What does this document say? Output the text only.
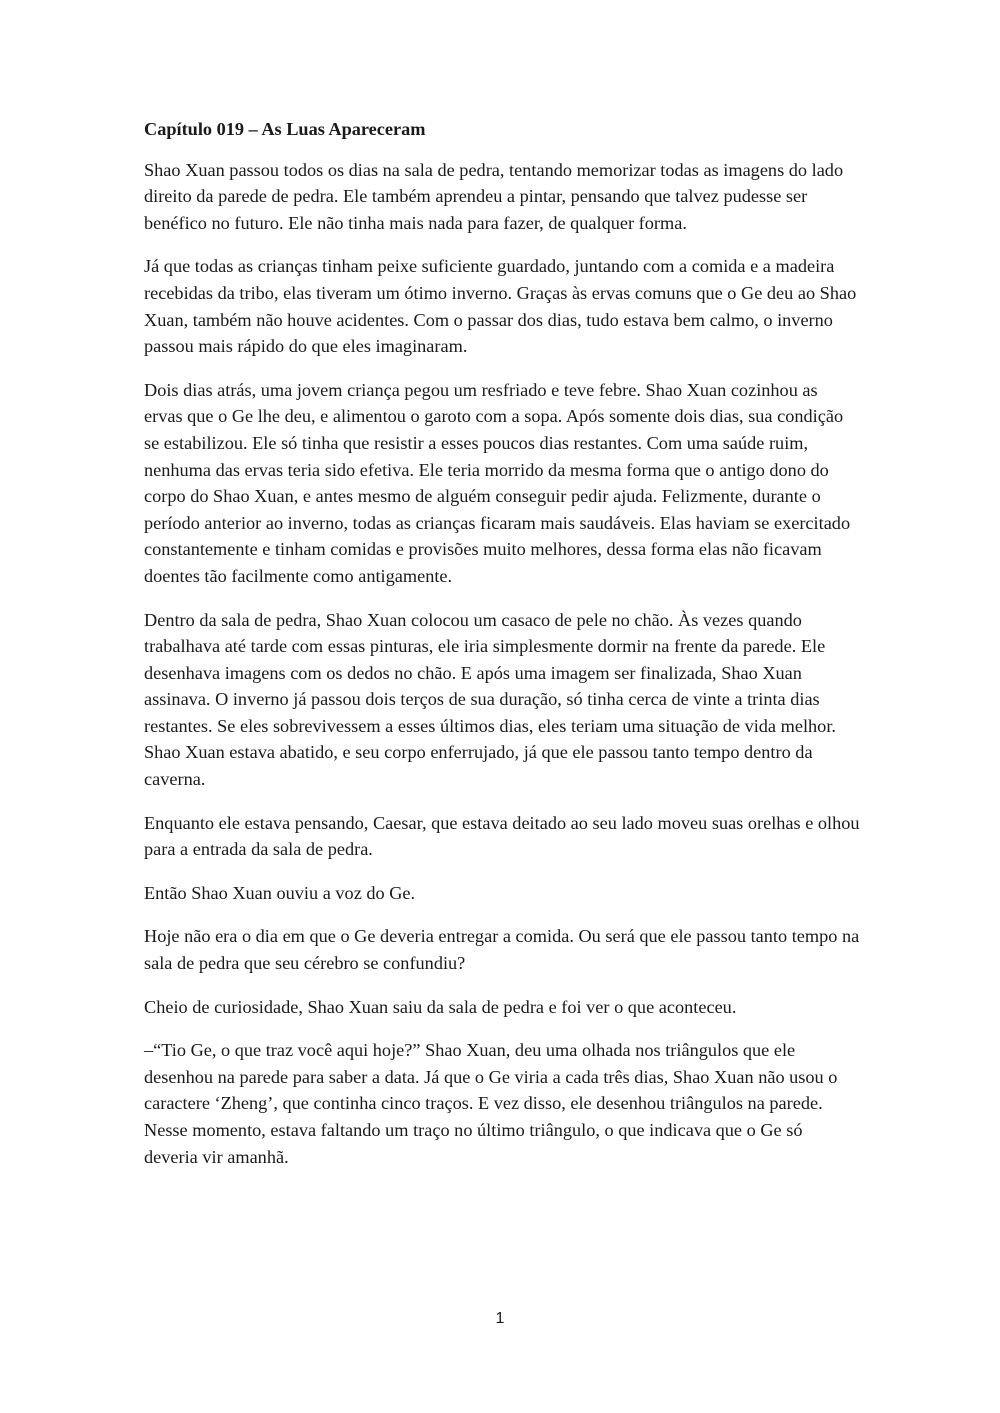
Capítulo 019 – As Luas Apareceram

Shao Xuan passou todos os dias na sala de pedra, tentando memorizar todas as imagens do lado direito da parede de pedra. Ele também aprendeu a pintar, pensando que talvez pudesse ser benéfico no futuro. Ele não tinha mais nada para fazer, de qualquer forma.

Já que todas as crianças tinham peixe suficiente guardado, juntando com a comida e a madeira recebidas da tribo, elas tiveram um ótimo inverno. Graças às ervas comuns que o Ge deu ao Shao Xuan, também não houve acidentes. Com o passar dos dias, tudo estava bem calmo, o inverno passou mais rápido do que eles imaginaram.

Dois dias atrás, uma jovem criança pegou um resfriado e teve febre. Shao Xuan cozinhou as ervas que o Ge lhe deu, e alimentou o garoto com a sopa. Após somente dois dias, sua condição se estabilizou. Ele só tinha que resistir a esses poucos dias restantes. Com uma saúde ruim, nenhuma das ervas teria sido efetiva. Ele teria morrido da mesma forma que o antigo dono do corpo do Shao Xuan, e antes mesmo de alguém conseguir pedir ajuda. Felizmente, durante o período anterior ao inverno, todas as crianças ficaram mais saudáveis. Elas haviam se exercitado constantemente e tinham comidas e provisões muito melhores, dessa forma elas não ficavam doentes tão facilmente como antigamente.

Dentro da sala de pedra, Shao Xuan colocou um casaco de pele no chão. Às vezes quando trabalhava até tarde com essas pinturas, ele iria simplesmente dormir na frente da parede. Ele desenhava imagens com os dedos no chão. E após uma imagem ser finalizada, Shao Xuan assinava. O inverno já passou dois terços de sua duração, só tinha cerca de vinte a trinta dias restantes. Se eles sobrevivessem a esses últimos dias, eles teriam uma situação de vida melhor. Shao Xuan estava abatido, e seu corpo enferrujado, já que ele passou tanto tempo dentro da caverna.

Enquanto ele estava pensando, Caesar, que estava deitado ao seu lado moveu suas orelhas e olhou para a entrada da sala de pedra.

Então Shao Xuan ouviu a voz do Ge.

Hoje não era o dia em que o Ge deveria entregar a comida. Ou será que ele passou tanto tempo na sala de pedra que seu cérebro se confundiu?

Cheio de curiosidade, Shao Xuan saiu da sala de pedra e foi ver o que aconteceu.

–“Tio Ge, o que traz você aqui hoje?” Shao Xuan, deu uma olhada nos triângulos que ele desenhou na parede para saber a data. Já que o Ge viria a cada três dias, Shao Xuan não usou o caractere ‘Zheng’, que continha cinco traços. E vez disso, ele desenhou triângulos na parede. Nesse momento, estava faltando um traço no último triângulo, o que indicava que o Ge só deveria vir amanhã.

1
